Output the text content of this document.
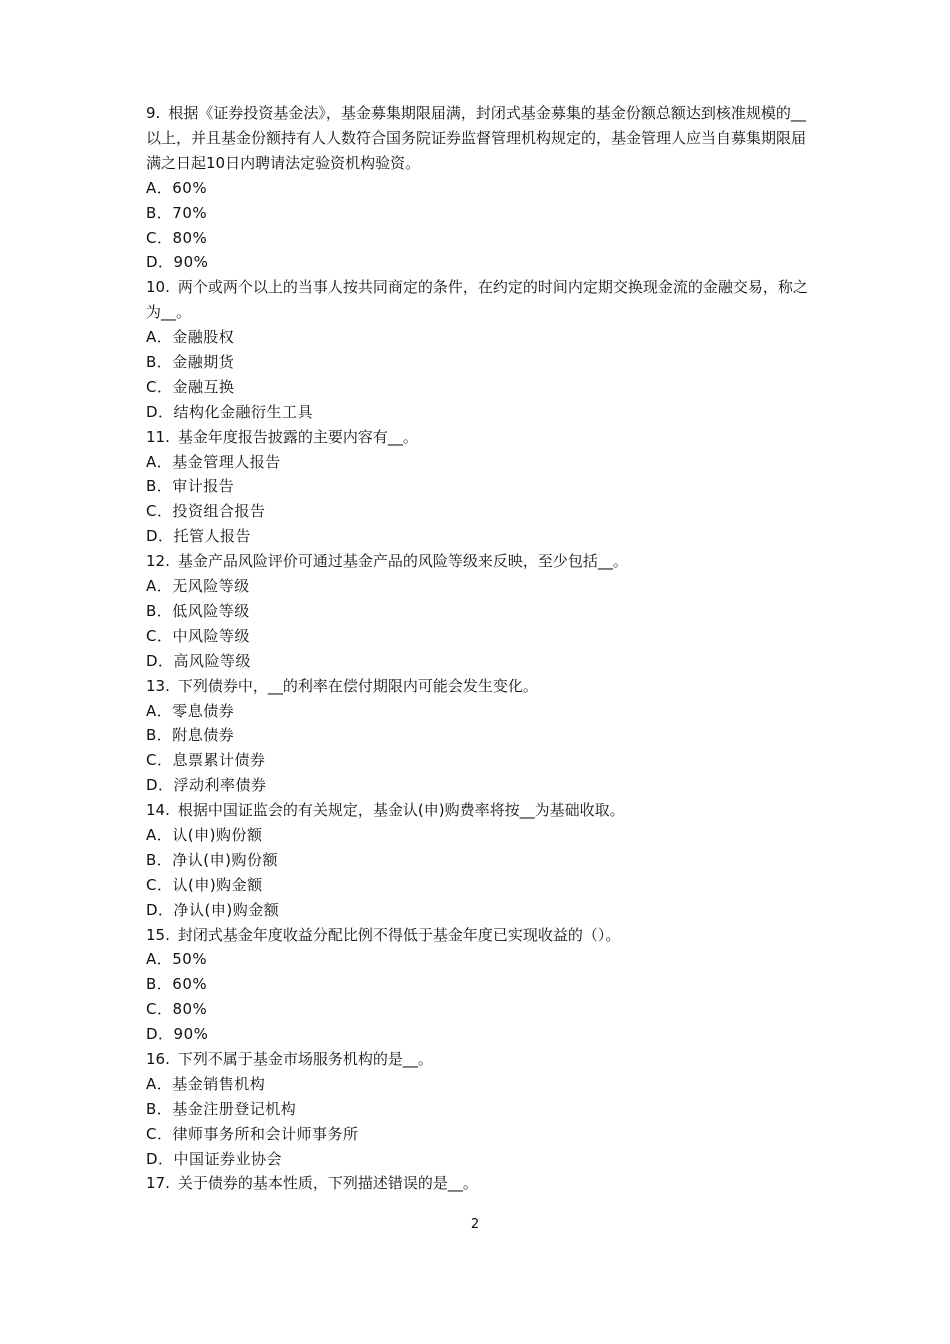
9. 根据《证券投资基金法》，基金募集期限届满，封闭式基金募集的基金份额总额达到核准规模的__以上，并且基金份额持有人人数符合国务院证券监督管理机构规定的，基金管理人应当自募集期限届满之日起10日内聘请法定验资机构验资。
A．60%
B．70%
C．80%
D．90%
10. 两个或两个以上的当事人按共同商定的条件，在约定的时间内定期交换现金流的金融交易，称之为__。
A．金融股权
B．金融期货
C．金融互换
D．结构化金融衍生工具
11. 基金年度报告披露的主要内容有__。
A．基金管理人报告
B．审计报告
C．投资组合报告
D．托管人报告
12. 基金产品风险评价可通过基金产品的风险等级来反映，至少包括__。
A．无风险等级
B．低风险等级
C．中风险等级
D．高风险等级
13. 下列债券中，__的利率在偿付期限内可能会发生变化。
A．零息债券
B．附息债券
C．息票累计债券
D．浮动利率债券
14. 根据中国证监会的有关规定，基金认(申)购费率将按__为基础收取。
A．认(申)购份额
B．净认(申)购份额
C．认(申)购金额
D．净认(申)购金额
15. 封闭式基金年度收益分配比例不得低于基金年度已实现收益的（）。
A．50%
B．60%
C．80%
D．90%
16. 下列不属于基金市场服务机构的是__。
A．基金销售机构
B．基金注册登记机构
C．律师事务所和会计师事务所
D．中国证券业协会
17. 关于债券的基本性质，下列描述错误的是__。
2
